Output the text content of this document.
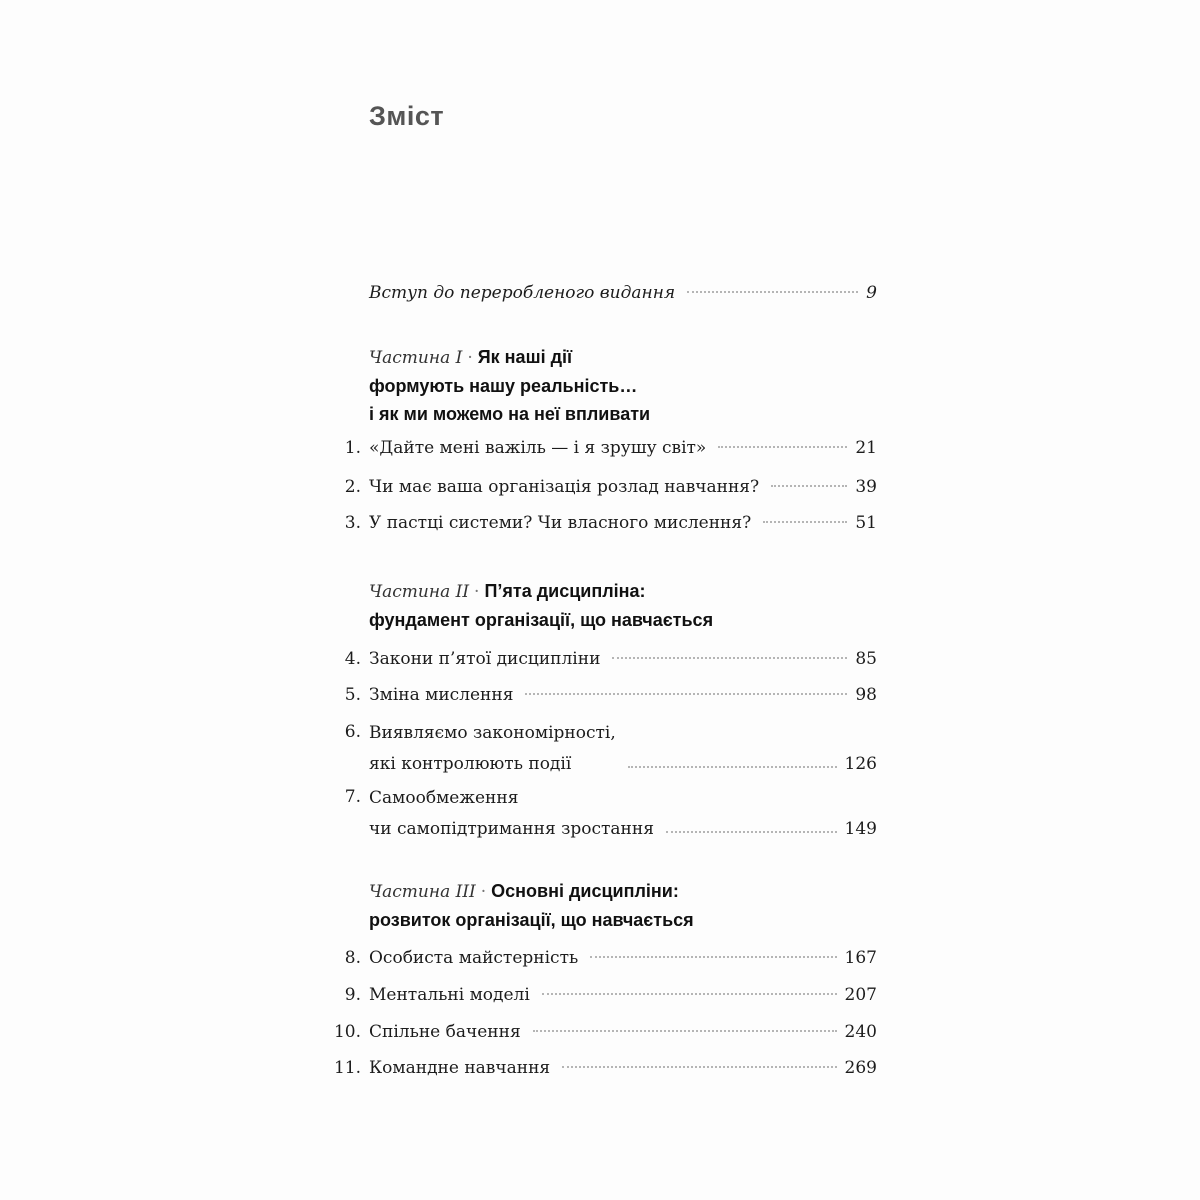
Зміст
Вступ до переробленого видання	9
Частина I · Як наші дії
формують нашу реальність…
і як ми можемо на неї впливати
1. «Дайте мені важіль — і я зрушу світ»	21
2. Чи має ваша організація розлад навчання?	39
3. У пастці системи? Чи власного мислення?	51
Частина II · П’ята дисципліна:
фундамент організації, що навчається
4. Закони п’ятої дисципліни	85
5. Зміна мислення	98
6. Виявляємо закономірності,
які контролюють події	126
7. Самообмеження
чи самопідтримання зростання	149
Частина III · Основні дисципліни:
розвиток організації, що навчається
8. Особиста майстерність	167
9. Ментальні моделі	207
10. Спільне бачення	240
11. Командне навчання	269
